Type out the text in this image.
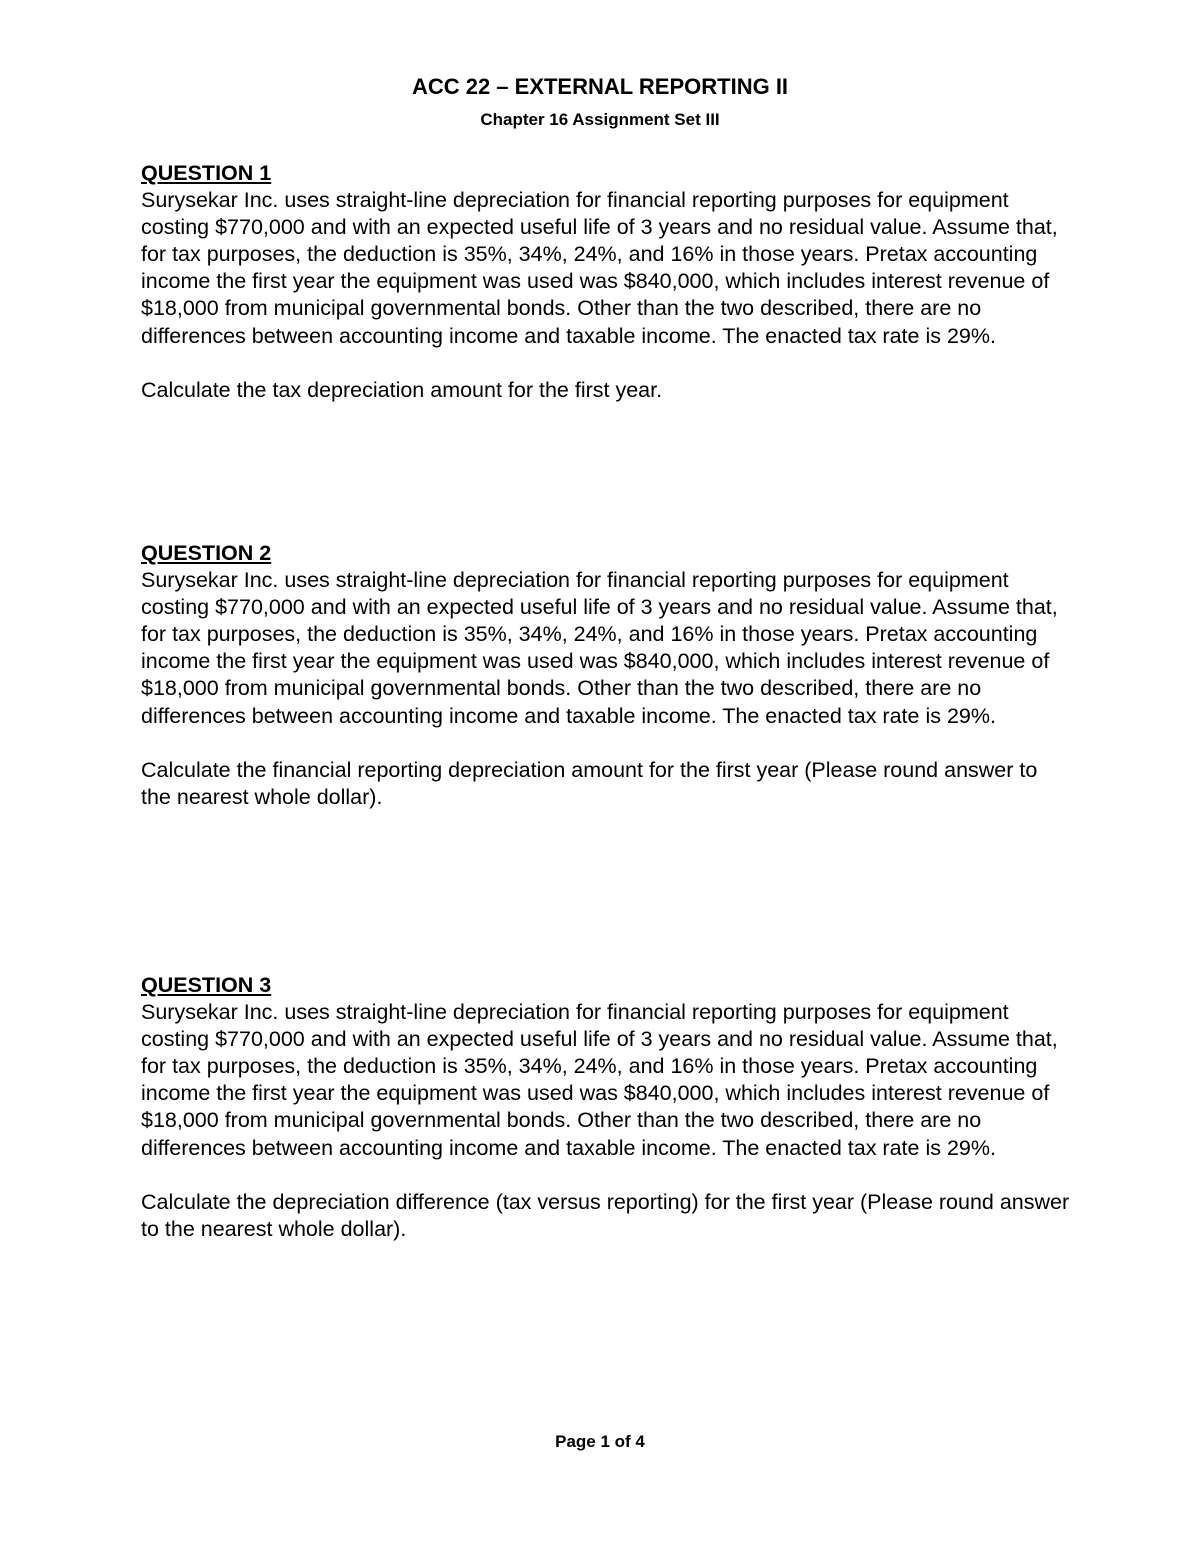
ACC 22 – EXTERNAL REPORTING II
Chapter 16 Assignment Set III
QUESTION 1

Surysekar Inc. uses straight-line depreciation for financial reporting purposes for equipment costing $770,000 and with an expected useful life of 3 years and no residual value. Assume that, for tax purposes, the deduction is 35%, 34%, 24%, and 16% in those years. Pretax accounting income the first year the equipment was used was $840,000, which includes interest revenue of $18,000 from municipal governmental bonds. Other than the two described, there are no differences between accounting income and taxable income. The enacted tax rate is 29%.

Calculate the tax depreciation amount for the first year.

QUESTION 2

Surysekar Inc. uses straight-line depreciation for financial reporting purposes for equipment costing $770,000 and with an expected useful life of 3 years and no residual value. Assume that, for tax purposes, the deduction is 35%, 34%, 24%, and 16% in those years. Pretax accounting income the first year the equipment was used was $840,000, which includes interest revenue of $18,000 from municipal governmental bonds. Other than the two described, there are no differences between accounting income and taxable income. The enacted tax rate is 29%.

Calculate the financial reporting depreciation amount for the first year (Please round answer to the nearest whole dollar).

QUESTION 3

Surysekar Inc. uses straight-line depreciation for financial reporting purposes for equipment costing $770,000 and with an expected useful life of 3 years and no residual value. Assume that, for tax purposes, the deduction is 35%, 34%, 24%, and 16% in those years. Pretax accounting income the first year the equipment was used was $840,000, which includes interest revenue of $18,000 from municipal governmental bonds. Other than the two described, there are no differences between accounting income and taxable income. The enacted tax rate is 29%.

Calculate the depreciation difference (tax versus reporting) for the first year (Please round answer to the nearest whole dollar).

Page 1 of 4
